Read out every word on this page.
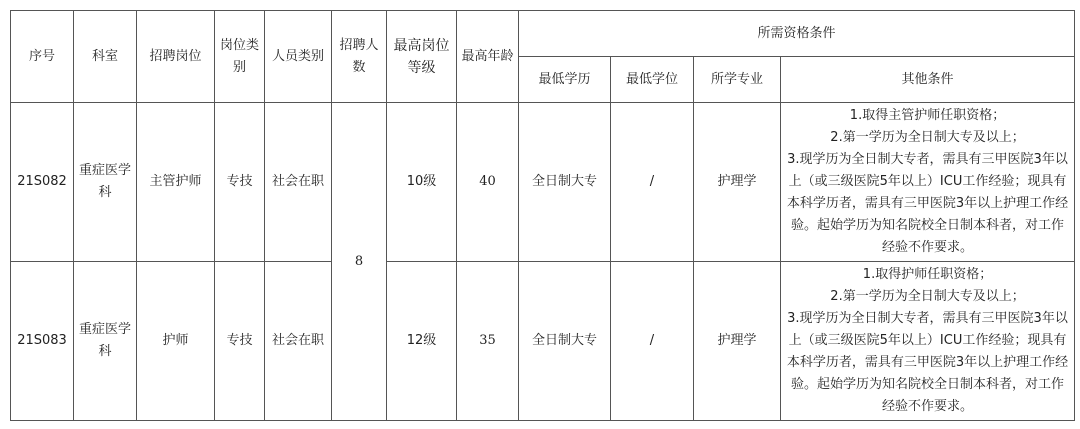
序号	科室	招聘岗位	岗位类别	人员类别	招聘人数	最高岗位等级	最高年龄	所需资格条件			
								最低学历	最低学位	所学专业	其他条件
21S082	重症医学科	主管护师	专技	社会在职	8	10级	40	全日制大专	/	护理学	1.取得主管护师任职资格；
2.第一学历为全日制大专及以上；
3.现学历为全日制大专者，需具有三甲医院3年以上（或三级医院5年以上）ICU工作经验；现具有本科学历者，需具有三甲医院3年以上护理工作经验。起始学历为知名院校全日制本科者，对工作经验不作要求。

21S083	重症医学科	护师	专技	社会在职		12级	35	全日制大专	/	护理学	1.取得护师任职资格；
2.第一学历为全日制大专及以上；
3.现学历为全日制大专者，需具有三甲医院3年以上（或三级医院5年以上）ICU工作经验；现具有本科学历者，需具有三甲医院3年以上护理工作经验。起始学历为知名院校全日制本科者，对工作经验不作要求。
